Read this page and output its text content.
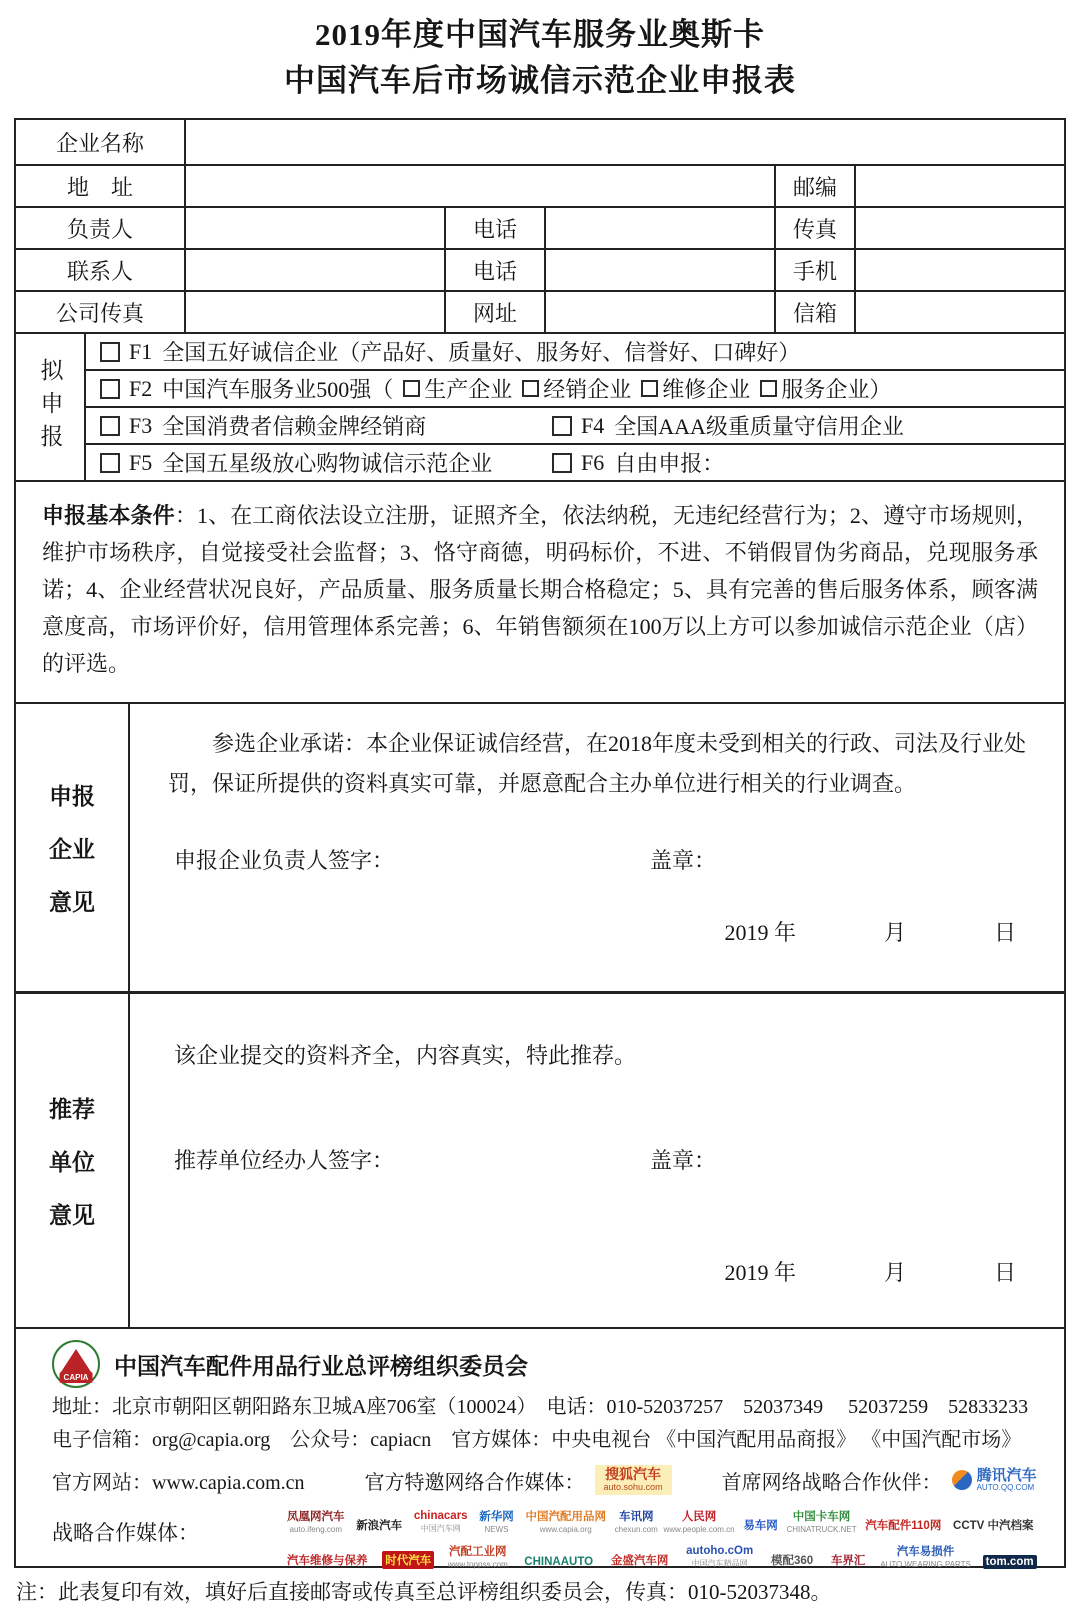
2019年度中国汽车服务业奥斯卡
中国汽车后市场诚信示范企业申报表
企业名称
地　址	邮编
负责人	电话	传真
联系人	电话	手机
公司传真	网址	信箱
拟申报
F1 全国五好诚信企业（产品好、质量好、服务好、信誉好、口碑好）
F2 中国汽车服务业500强（ 生产企业 经销企业 维修企业 服务企业 ）
F3 全国消费者信赖金牌经销商	F4 全国AAA级重质量守信用企业
F5 全国五星级放心购物诚信示范企业	F6 自由申报：
申报基本条件：1、在工商依法设立注册，证照齐全，依法纳税，无违纪经营行为；2、遵守市场规则，维护市场秩序，自觉接受社会监督；3、恪守商德，明码标价，不进、不销假冒伪劣商品，兑现服务承诺；4、企业经营状况良好，产品质量、服务质量长期合格稳定；5、具有完善的售后服务体系，顾客满意度高，市场评价好，信用管理体系完善；6、年销售额须在100万以上方可以参加诚信示范企业（店）的评选。
申报
企业
意见

参选企业承诺：本企业保证诚信经营，在2018年度未受到相关的行政、司法及行业处罚，保证所提供的资料真实可靠，并愿意配合主办单位进行相关的行业调查。

申报企业负责人签字：	盖章：
2019 年　　　　月　　　　日
推荐
单位
意见

该企业提交的资料齐全，内容真实，特此推荐。

推荐单位经办人签字：	盖章：
2019 年　　　　月　　　　日
CAPIA 中国汽车配件用品行业总评榜组织委员会
地址：北京市朝阳区朝阳路东卫城A座706室（100024）　电话：010-52037257　52037349 　52037259　52833233
电子信箱：org@capia.org　公众号：capiacn　官方媒体：中央电视台 《中国汽配用品商报》 《中国汽配市场》
官方网站：www.capia.com.cn	官方特邀网络合作媒体： 搜狐汽车
auto.sohu.com	首席网络战略合作伙伴： 腾讯汽车
AUTO.QQ.COM
战略合作媒体：
凤凰网汽车
auto.ifeng.com 新浪汽车
chinacars
中国汽车网
新华网
NEWS
中国汽配用品网
www.capia.org
车讯网
chexun.com
人民网
www.people.com.cn 易车网
中国卡车网
CHINATRUCK.NET 汽车配件110网 CCTV 中汽档案
汽车维修与保养 时代汽车
汽配工业网
www.toppss.com CHINAAUTO 金盛汽车网
autoho.cOm
中国汽车精品网 模配360 车界汇
汽车易损件
AUTO WEARING PARTS tom.com
注：此表复印有效，填好后直接邮寄或传真至总评榜组织委员会，传真：010-52037348。
